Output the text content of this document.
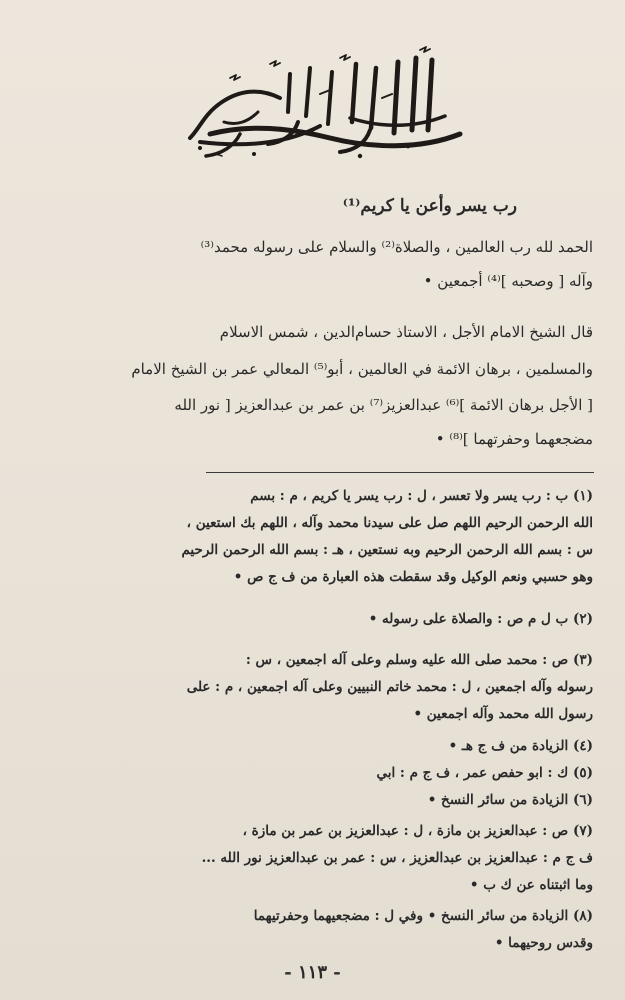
رب يسر وأعن يا كريم⁽¹⁾
الحمد لله رب العالمين ، والصلاة⁽²⁾ والسلام على رسوله محمد⁽³⁾
وآله [ وصحبه ]⁽⁴⁾ أجمعين •
قال الشيخ الامام الأجل ، الاستاذ حسام‌الدين ، شمس الاسلام
والمسلمين ، برهان الائمة في العالمين ، أبو⁽⁵⁾ المعالي عمر بن الشيخ الامام
[ الأجل برهان الائمة ]⁽⁶⁾ عبدالعزيز⁽⁷⁾ بن عمر بن عبدالعزيز [ نور الله
مضجعهما وحفرتهما ]⁽⁸⁾ •
(١) ب : رب يسر ولا تعسر ، ل : رب يسر يا كريم ، م : بسم
الله الرحمن الرحيم اللهم صل على سيدنا محمد وآله ، اللهم بك استعين ،
س : بسم الله الرحمن الرحيم وبه نستعين ، هـ : بسم الله الرحمن الرحيم
وهو حسبي ونعم الوكيل وقد سقطت هذه العبارة من ف ج ص •
(٢) ب ل م ص : والصلاة على رسوله •
(٣) ص : محمد صلى الله عليه وسلم وعلى آله اجمعين ، س :
رسوله وآله اجمعين ، ل : محمد خاتم النبيين وعلى آله اجمعين ، م : على
رسول الله محمد وآله اجمعين •
(٤) الزيادة من ف ج هـ •
(٥) ك : ابو حفص عمر ، ف ج م : ابي
(٦) الزيادة من سائر النسخ •
(٧) ص : عبدالعزيز بن مازة ، ل : عبدالعزيز بن عمر بن مازة ،
ف ج م : عبدالعزيز بن عبدالعزيز ، س : عمر بن عبدالعزيز نور الله ...
وما اثبتناه عن ك ب •
(٨) الزيادة من سائر النسخ • وفي ل : مضجعيهما وحفرتيهما
وقدس روحيهما •
- ١١٣ -
